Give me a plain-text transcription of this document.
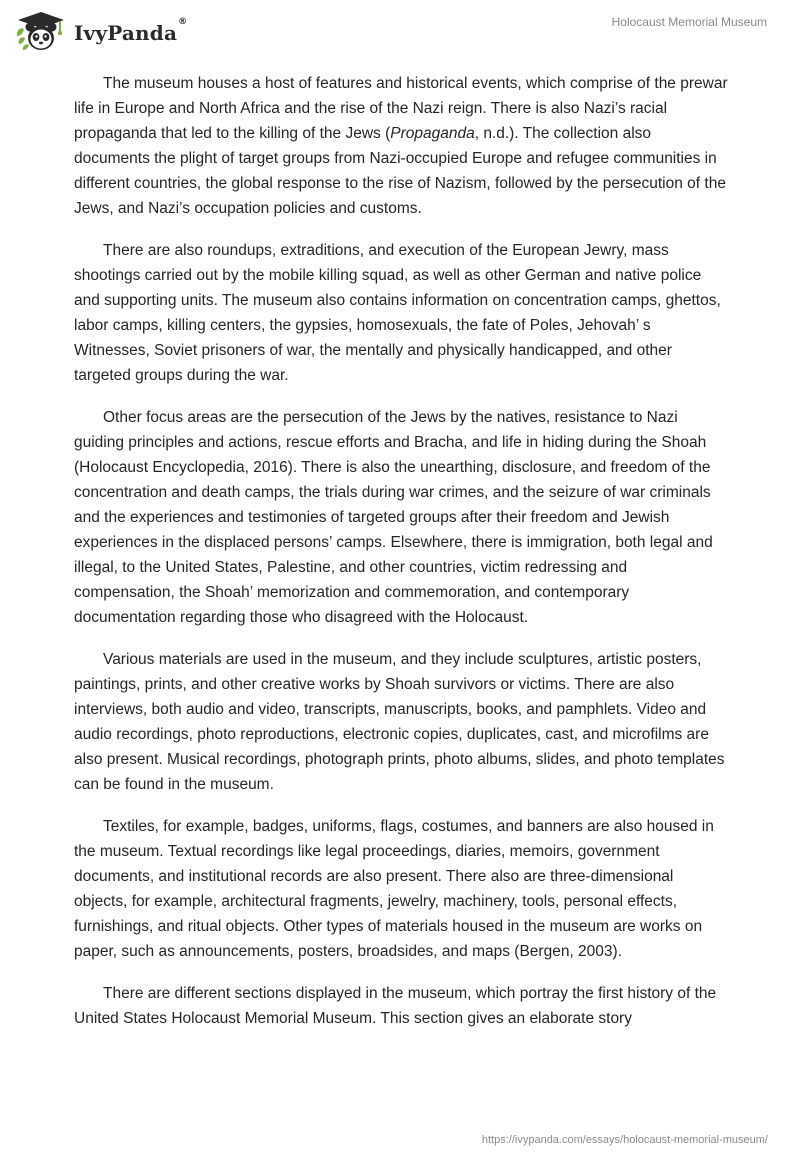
IvyPanda®	Holocaust Memorial Museum

The museum houses a host of features and historical events, which comprise of the prewar life in Europe and North Africa and the rise of the Nazi reign. There is also Nazi’s racial propaganda that led to the killing of the Jews (Propaganda, n.d.). The collection also documents the plight of target groups from Nazi-occupied Europe and refugee communities in different countries, the global response to the rise of Nazism, followed by the persecution of the Jews, and Nazi’s occupation policies and customs.

There are also roundups, extraditions, and execution of the European Jewry, mass shootings carried out by the mobile killing squad, as well as other German and native police and supporting units. The museum also contains information on concentration camps, ghettos, labor camps, killing centers, the gypsies, homosexuals, the fate of Poles, Jehovah’ s Witnesses, Soviet prisoners of war, the mentally and physically handicapped, and other targeted groups during the war.

Other focus areas are the persecution of the Jews by the natives, resistance to Nazi guiding principles and actions, rescue efforts and Bracha, and life in hiding during the Shoah (Holocaust Encyclopedia, 2016). There is also the unearthing, disclosure, and freedom of the concentration and death camps, the trials during war crimes, and the seizure of war criminals and the experiences and testimonies of targeted groups after their freedom and Jewish experiences in the displaced persons’ camps. Elsewhere, there is immigration, both legal and illegal, to the United States, Palestine, and other countries, victim redressing and compensation, the Shoah’ memorization and commemoration, and contemporary documentation regarding those who disagreed with the Holocaust.

Various materials are used in the museum, and they include sculptures, artistic posters, paintings, prints, and other creative works by Shoah survivors or victims. There are also interviews, both audio and video, transcripts, manuscripts, books, and pamphlets. Video and audio recordings, photo reproductions, electronic copies, duplicates, cast, and microfilms are also present. Musical recordings, photograph prints, photo albums, slides, and photo templates can be found in the museum.

Textiles, for example, badges, uniforms, flags, costumes, and banners are also housed in the museum. Textual recordings like legal proceedings, diaries, memoirs, government documents, and institutional records are also present. There also are three-dimensional objects, for example, architectural fragments, jewelry, machinery, tools, personal effects, furnishings, and ritual objects. Other types of materials housed in the museum are works on paper, such as announcements, posters, broadsides, and maps (Bergen, 2003).

There are different sections displayed in the museum, which portray the first history of the United States Holocaust Memorial Museum. This section gives an elaborate story

https://ivypanda.com/essays/holocaust-memorial-museum/
